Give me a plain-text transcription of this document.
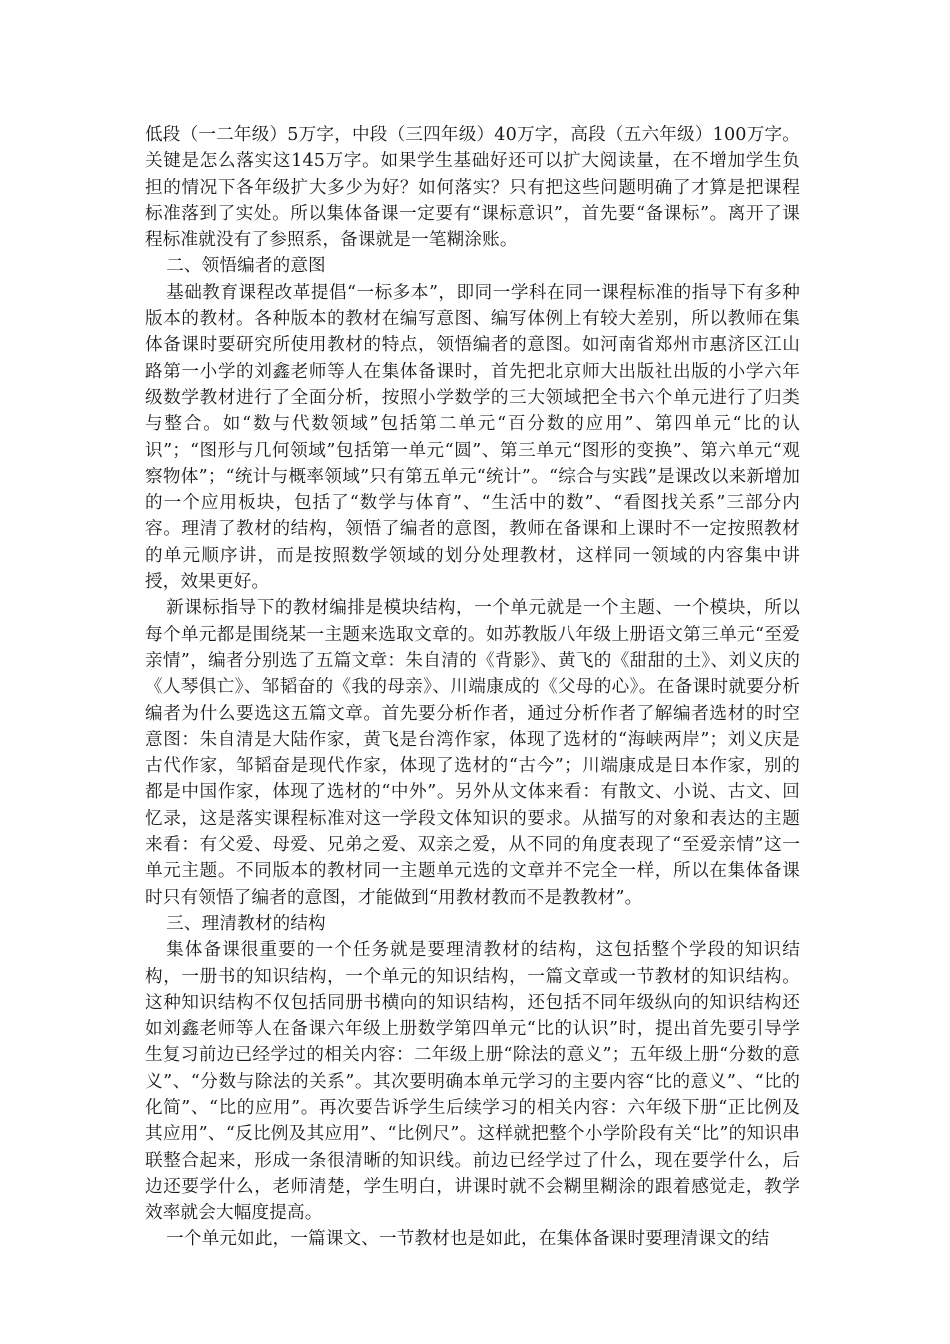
低段（一二年级）5万字，中段（三四年级）40万字，高段（五六年级）100万字。关键是怎么落实这145万字。如果学生基础好还可以扩大阅读量，在不增加学生负担的情况下各年级扩大多少为好？如何落实？只有把这些问题明确了才算是把课程标准落到了实处。所以集体备课一定要有“课标意识”，首先要“备课标”。离开了课程标准就没有了参照系，备课就是一笔糊涂账。

二、领悟编者的意图

基础教育课程改革提倡“一标多本”，即同一学科在同一课程标准的指导下有多种版本的教材。各种版本的教材在编写意图、编写体例上有较大差别，所以教师在集体备课时要研究所使用教材的特点，领悟编者的意图。如河南省郑州市惠济区江山路第一小学的刘鑫老师等人在集体备课时，首先把北京师大出版社出版的小学六年级数学教材进行了全面分析，按照小学数学的三大领域把全书六个单元进行了归类与整合。如“数与代数领域”包括第二单元“百分数的应用”、第四单元“比的认识”；“图形与几何领域”包括第一单元“圆”、第三单元“图形的变换”、第六单元“观察物体”；“统计与概率领域”只有第五单元“统计”。“综合与实践”是课改以来新增加的一个应用板块，包括了“数学与体育”、“生活中的数”、“看图找关系”三部分内容。理清了教材的结构，领悟了编者的意图，教师在备课和上课时不一定按照教材的单元顺序讲，而是按照数学领域的划分处理教材，这样同一领域的内容集中讲授，效果更好。

新课标指导下的教材编排是模块结构，一个单元就是一个主题、一个模块，所以每个单元都是围绕某一主题来选取文章的。如苏教版八年级上册语文第三单元“至爱亲情”，编者分别选了五篇文章：朱自清的《背影》、黄飞的《甜甜的土》、刘义庆的《人琴俱亡》、邹韬奋的《我的母亲》、川端康成的《父母的心》。在备课时就要分析编者为什么要选这五篇文章。首先要分析作者，通过分析作者了解编者选材的时空意图：朱自清是大陆作家，黄飞是台湾作家，体现了选材的“海峡两岸”；刘义庆是古代作家，邹韬奋是现代作家，体现了选材的“古今”；川端康成是日本作家，别的都是中国作家，体现了选材的“中外”。另外从文体来看：有散文、小说、古文、回忆录，这是落实课程标准对这一学段文体知识的要求。从描写的对象和表达的主题来看：有父爱、母爱、兄弟之爱、双亲之爱，从不同的角度表现了“至爱亲情”这一单元主题。不同版本的教材同一主题单元选的文章并不完全一样，所以在集体备课时只有领悟了编者的意图，才能做到“用教材教而不是教教材”。

三、理清教材的结构

集体备课很重要的一个任务就是要理清教材的结构，这包括整个学段的知识结构，一册书的知识结构，一个单元的知识结构，一篇文章或一节教材的知识结构。这种知识结构不仅包括同册书横向的知识结构，还包括不同年级纵向的知识结构还如刘鑫老师等人在备课六年级上册数学第四单元“比的认识”时，提出首先要引导学生复习前边已经学过的相关内容：二年级上册“除法的意义”；五年级上册“分数的意义”、“分数与除法的关系”。其次要明确本单元学习的主要内容“比的意义”、“比的化简”、“比的应用”。再次要告诉学生后续学习的相关内容：六年级下册“正比例及其应用”、“反比例及其应用”、“比例尺”。这样就把整个小学阶段有关“比”的知识串联整合起来，形成一条很清晰的知识线。前边已经学过了什么，现在要学什么，后边还要学什么，老师清楚，学生明白，讲课时就不会糊里糊涂的跟着感觉走，教学效率就会大幅度提高。

一个单元如此，一篇课文、一节教材也是如此，在集体备课时要理清课文的结
